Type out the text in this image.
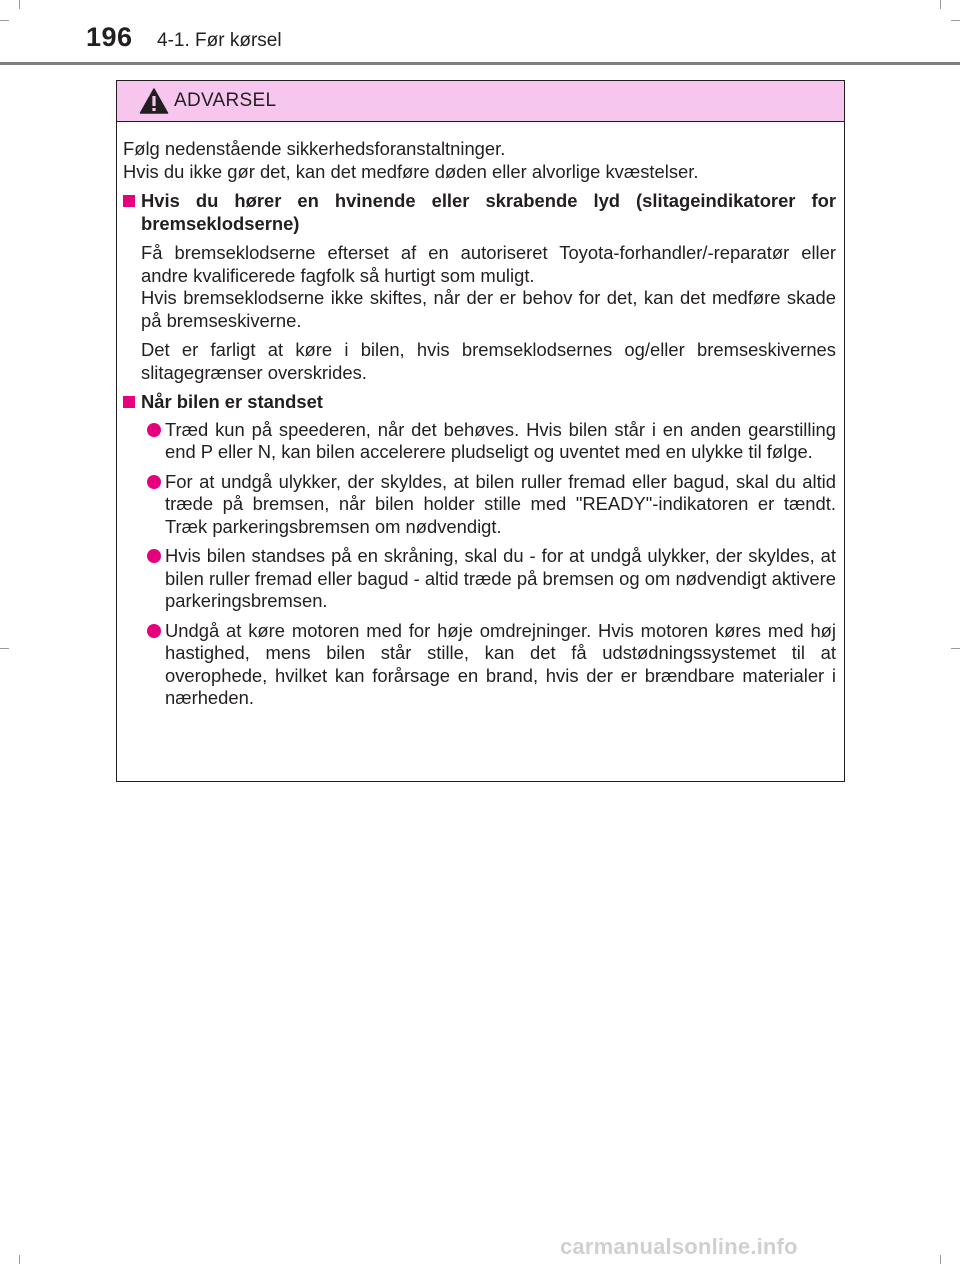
196 4-1. Før kørsel
ADVARSEL
Følg nedenstående sikkerhedsforanstaltninger.
Hvis du ikke gør det, kan det medføre døden eller alvorlige kvæstelser.
Hvis du hører en hvinende eller skrabende lyd (slitageindikatorer for bremseklodserne)
Få bremseklodserne efterset af en autoriseret Toyota-forhandler/-reparatør eller andre kvalificerede fagfolk så hurtigt som muligt.
Hvis bremseklodserne ikke skiftes, når der er behov for det, kan det medføre skade på bremseskiverne.
Det er farligt at køre i bilen, hvis bremseklodsernes og/eller bremseskivernes slitagegrænser overskrides.
Når bilen er standset
Træd kun på speederen, når det behøves. Hvis bilen står i en anden gearstilling end P eller N, kan bilen accelerere pludseligt og uventet med en ulykke til følge.
For at undgå ulykker, der skyldes, at bilen ruller fremad eller bagud, skal du altid træde på bremsen, når bilen holder stille med "READY"-indikatoren er tændt. Træk parkeringsbremsen om nødvendigt.
Hvis bilen standses på en skråning, skal du - for at undgå ulykker, der skyldes, at bilen ruller fremad eller bagud - altid træde på bremsen og om nødvendigt aktivere parkeringsbremsen.
Undgå at køre motoren med for høje omdrejninger. Hvis motoren køres med høj hastighed, mens bilen står stille, kan det få udstødningssystemet til at overophede, hvilket kan forårsage en brand, hvis der er brændbare materialer i nærheden.
carmanualsonline.info
